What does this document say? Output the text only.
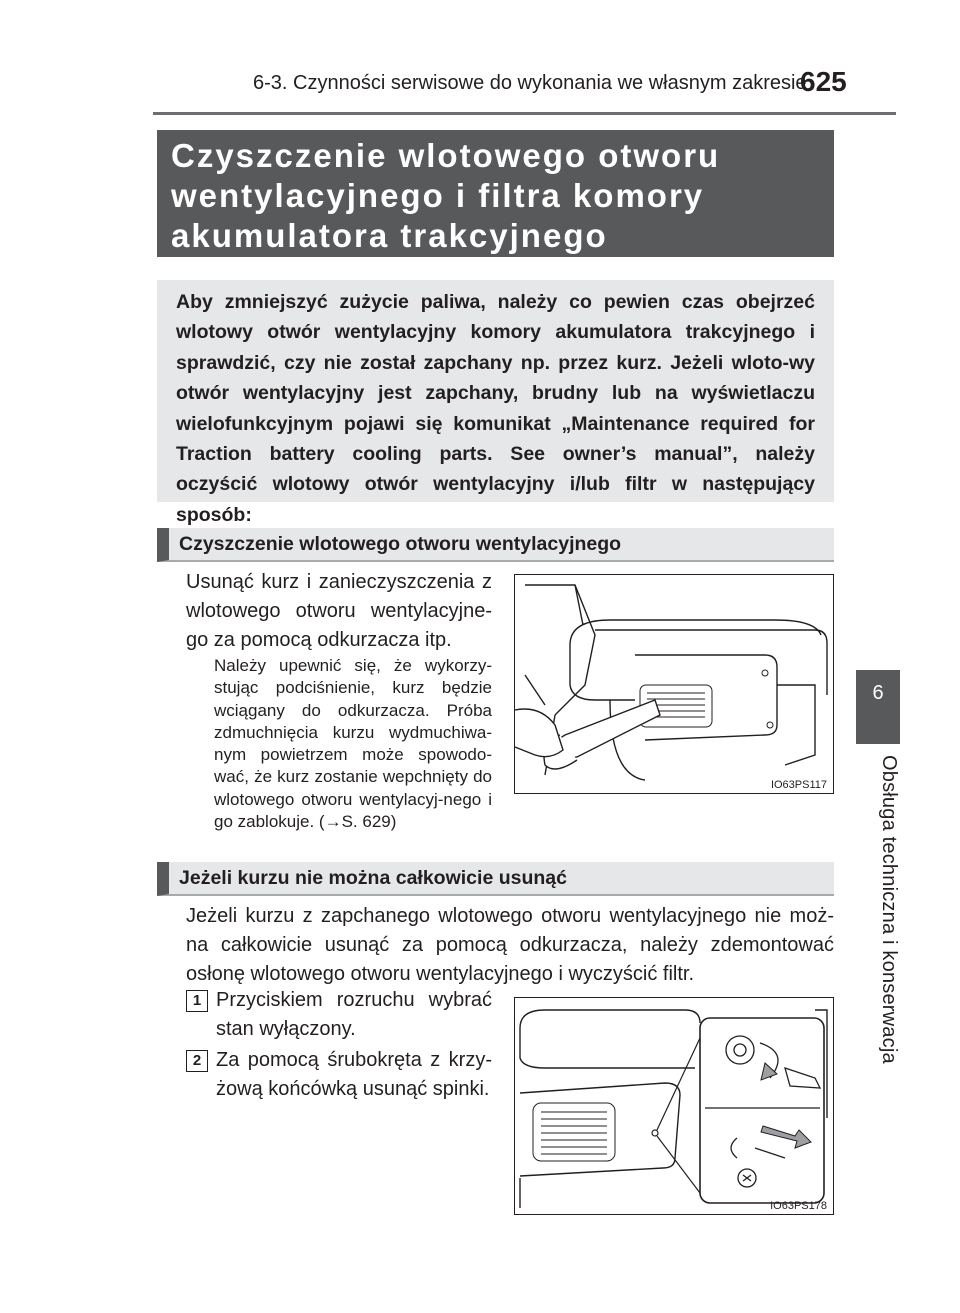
6-3. Czynności serwisowe do wykonania we własnym zakresie
625
6
Obsługa techniczna i konserwacja
Czyszczenie wlotowego otworu
wentylacyjnego i filtra komory
akumulatora trakcyjnego
Aby zmniejszyć zużycie paliwa, należy co pewien czas obejrzeć wlotowy otwór wentylacyjny komory akumulatora trakcyjnego i sprawdzić, czy nie został zapchany np. przez kurz. Jeżeli wloto-wy otwór wentylacyjny jest zapchany, brudny lub na wyświetlaczu wielofunkcyjnym pojawi się komunikat „Maintenance required for Traction battery cooling parts. See owner’s manual”, należy oczyścić wlotowy otwór wentylacyjny i/lub filtr w następujący sposób:
Czyszczenie wlotowego otworu wentylacyjnego
Usunąć kurz i zanieczyszczenia z wlotowego otworu wentylacyjne-go za pomocą odkurzacza itp.
Należy upewnić się, że wykorzy-stując podciśnienie, kurz będzie wciągany do odkurzacza. Próba zdmuchnięcia kurzu wydmuchiwa-nym powietrzem może spowodo-wać, że kurz zostanie wepchnięty do wlotowego otworu wentylacyj-nego i go zablokuje. (→S. 629)
IO63PS117
Jeżeli kurzu nie można całkowicie usunąć
Jeżeli kurzu z zapchanego wlotowego otworu wentylacyjnego nie moż-na całkowicie usunąć za pomocą odkurzacza, należy zdemontować osłonę wlotowego otworu wentylacyjnego i wyczyścić filtr.
1 Przyciskiem rozruchu wybrać stan wyłączony.
2 Za pomocą śrubokręta z krzy-żową końcówką usunąć spinki.
IO63PS178
